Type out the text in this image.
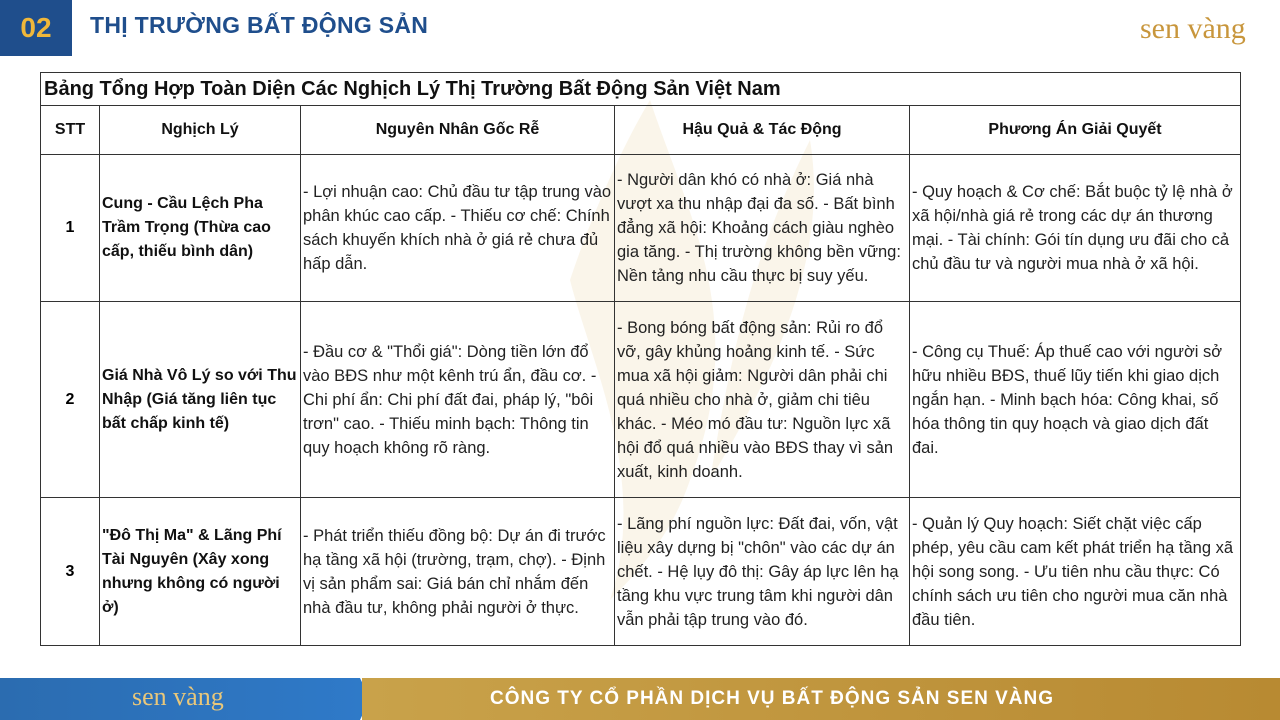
02	THỊ TRƯỜNG BẤT ĐỘNG SẢN	sen vàng
Bảng Tổng Hợp Toàn Diện Các Nghịch Lý Thị Trường Bất Động Sản Việt Nam				
STT	Nghịch Lý	Nguyên Nhân Gốc Rễ	Hậu Quả & Tác Động	Phương Án Giải Quyết
1	Cung - Cầu Lệch Pha Trầm Trọng (Thừa cao cấp, thiếu bình dân)	- Lợi nhuận cao: Chủ đầu tư tập trung vào phân khúc cao cấp. - Thiếu cơ chế: Chính sách khuyến khích nhà ở giá rẻ chưa đủ hấp dẫn.	- Người dân khó có nhà ở: Giá nhà vượt xa thu nhập đại đa số. - Bất bình đẳng xã hội: Khoảng cách giàu nghèo gia tăng. - Thị trường không bền vững: Nền tảng nhu cầu thực bị suy yếu.	- Quy hoạch & Cơ chế: Bắt buộc tỷ lệ nhà ở xã hội/nhà giá rẻ trong các dự án thương mại. - Tài chính: Gói tín dụng ưu đãi cho cả chủ đầu tư và người mua nhà ở xã hội.
2	Giá Nhà Vô Lý so với Thu Nhập (Giá tăng liên tục bất chấp kinh tế)	- Đầu cơ & "Thổi giá": Dòng tiền lớn đổ vào BĐS như một kênh trú ẩn, đầu cơ. - Chi phí ẩn: Chi phí đất đai, pháp lý, "bôi trơn" cao. - Thiếu minh bạch: Thông tin quy hoạch không rõ ràng.	- Bong bóng bất động sản: Rủi ro đổ vỡ, gây khủng hoảng kinh tế. - Sức mua xã hội giảm: Người dân phải chi quá nhiều cho nhà ở, giảm chi tiêu khác. - Méo mó đầu tư: Nguồn lực xã hội đổ quá nhiều vào BĐS thay vì sản xuất, kinh doanh.	- Công cụ Thuế: Áp thuế cao với người sở hữu nhiều BĐS, thuế lũy tiến khi giao dịch ngắn hạn. - Minh bạch hóa: Công khai, số hóa thông tin quy hoạch và giao dịch đất đai.
3	"Đô Thị Ma" & Lãng Phí Tài Nguyên (Xây xong nhưng không có người ở)	- Phát triển thiếu đồng bộ: Dự án đi trước hạ tầng xã hội (trường, trạm, chợ). - Định vị sản phẩm sai: Giá bán chỉ nhắm đến nhà đầu tư, không phải người ở thực.	- Lãng phí nguồn lực: Đất đai, vốn, vật liệu xây dựng bị "chôn" vào các dự án chết. - Hệ lụy đô thị: Gây áp lực lên hạ tầng khu vực trung tâm khi người dân vẫn phải tập trung vào đó.	- Quản lý Quy hoạch: Siết chặt việc cấp phép, yêu cầu cam kết phát triển hạ tầng xã hội song song. - Ưu tiên nhu cầu thực: Có chính sách ưu tiên cho người mua căn nhà đầu tiên.
sen vàng	CÔNG TY CỔ PHẦN DỊCH VỤ BẤT ĐỘNG SẢN SEN VÀNG
